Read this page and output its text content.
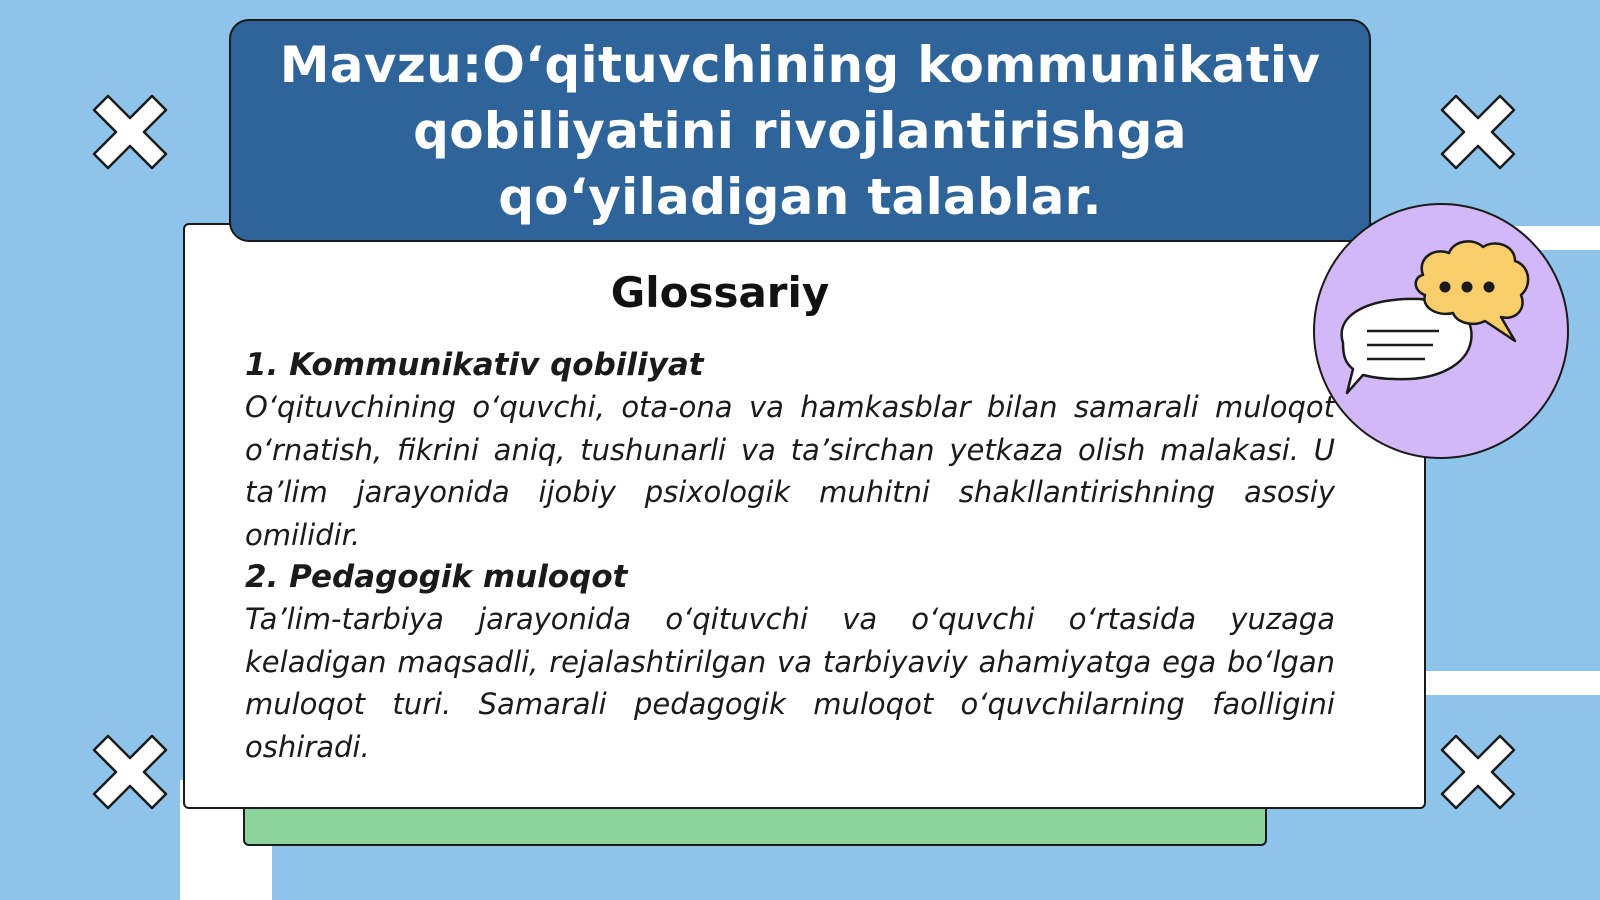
Mavzu:O‘qituvchining kommunikativ
qobiliyatini rivojlantirishga
qo‘yiladigan talablar.
Glossariy

1. Kommunikativ qobiliyat

O‘qituvchining o‘quvchi, ota-ona va hamkasblar bilan samarali muloqot o‘rnatish, fikrini aniq, tushunarli va ta’sirchan yetkaza olish malakasi. U ta’lim jarayonida ijobiy psixologik muhitni shakllantirishning asosiy omilidir.

2. Pedagogik muloqot

Ta’lim-tarbiya jarayonida o‘qituvchi va o‘quvchi o‘rtasida yuzaga keladigan maqsadli, rejalashtirilgan va tarbiyaviy ahamiyatga ega bo‘lgan muloqot turi. Samarali pedagogik muloqot o‘quvchilarning faolligini oshiradi.
